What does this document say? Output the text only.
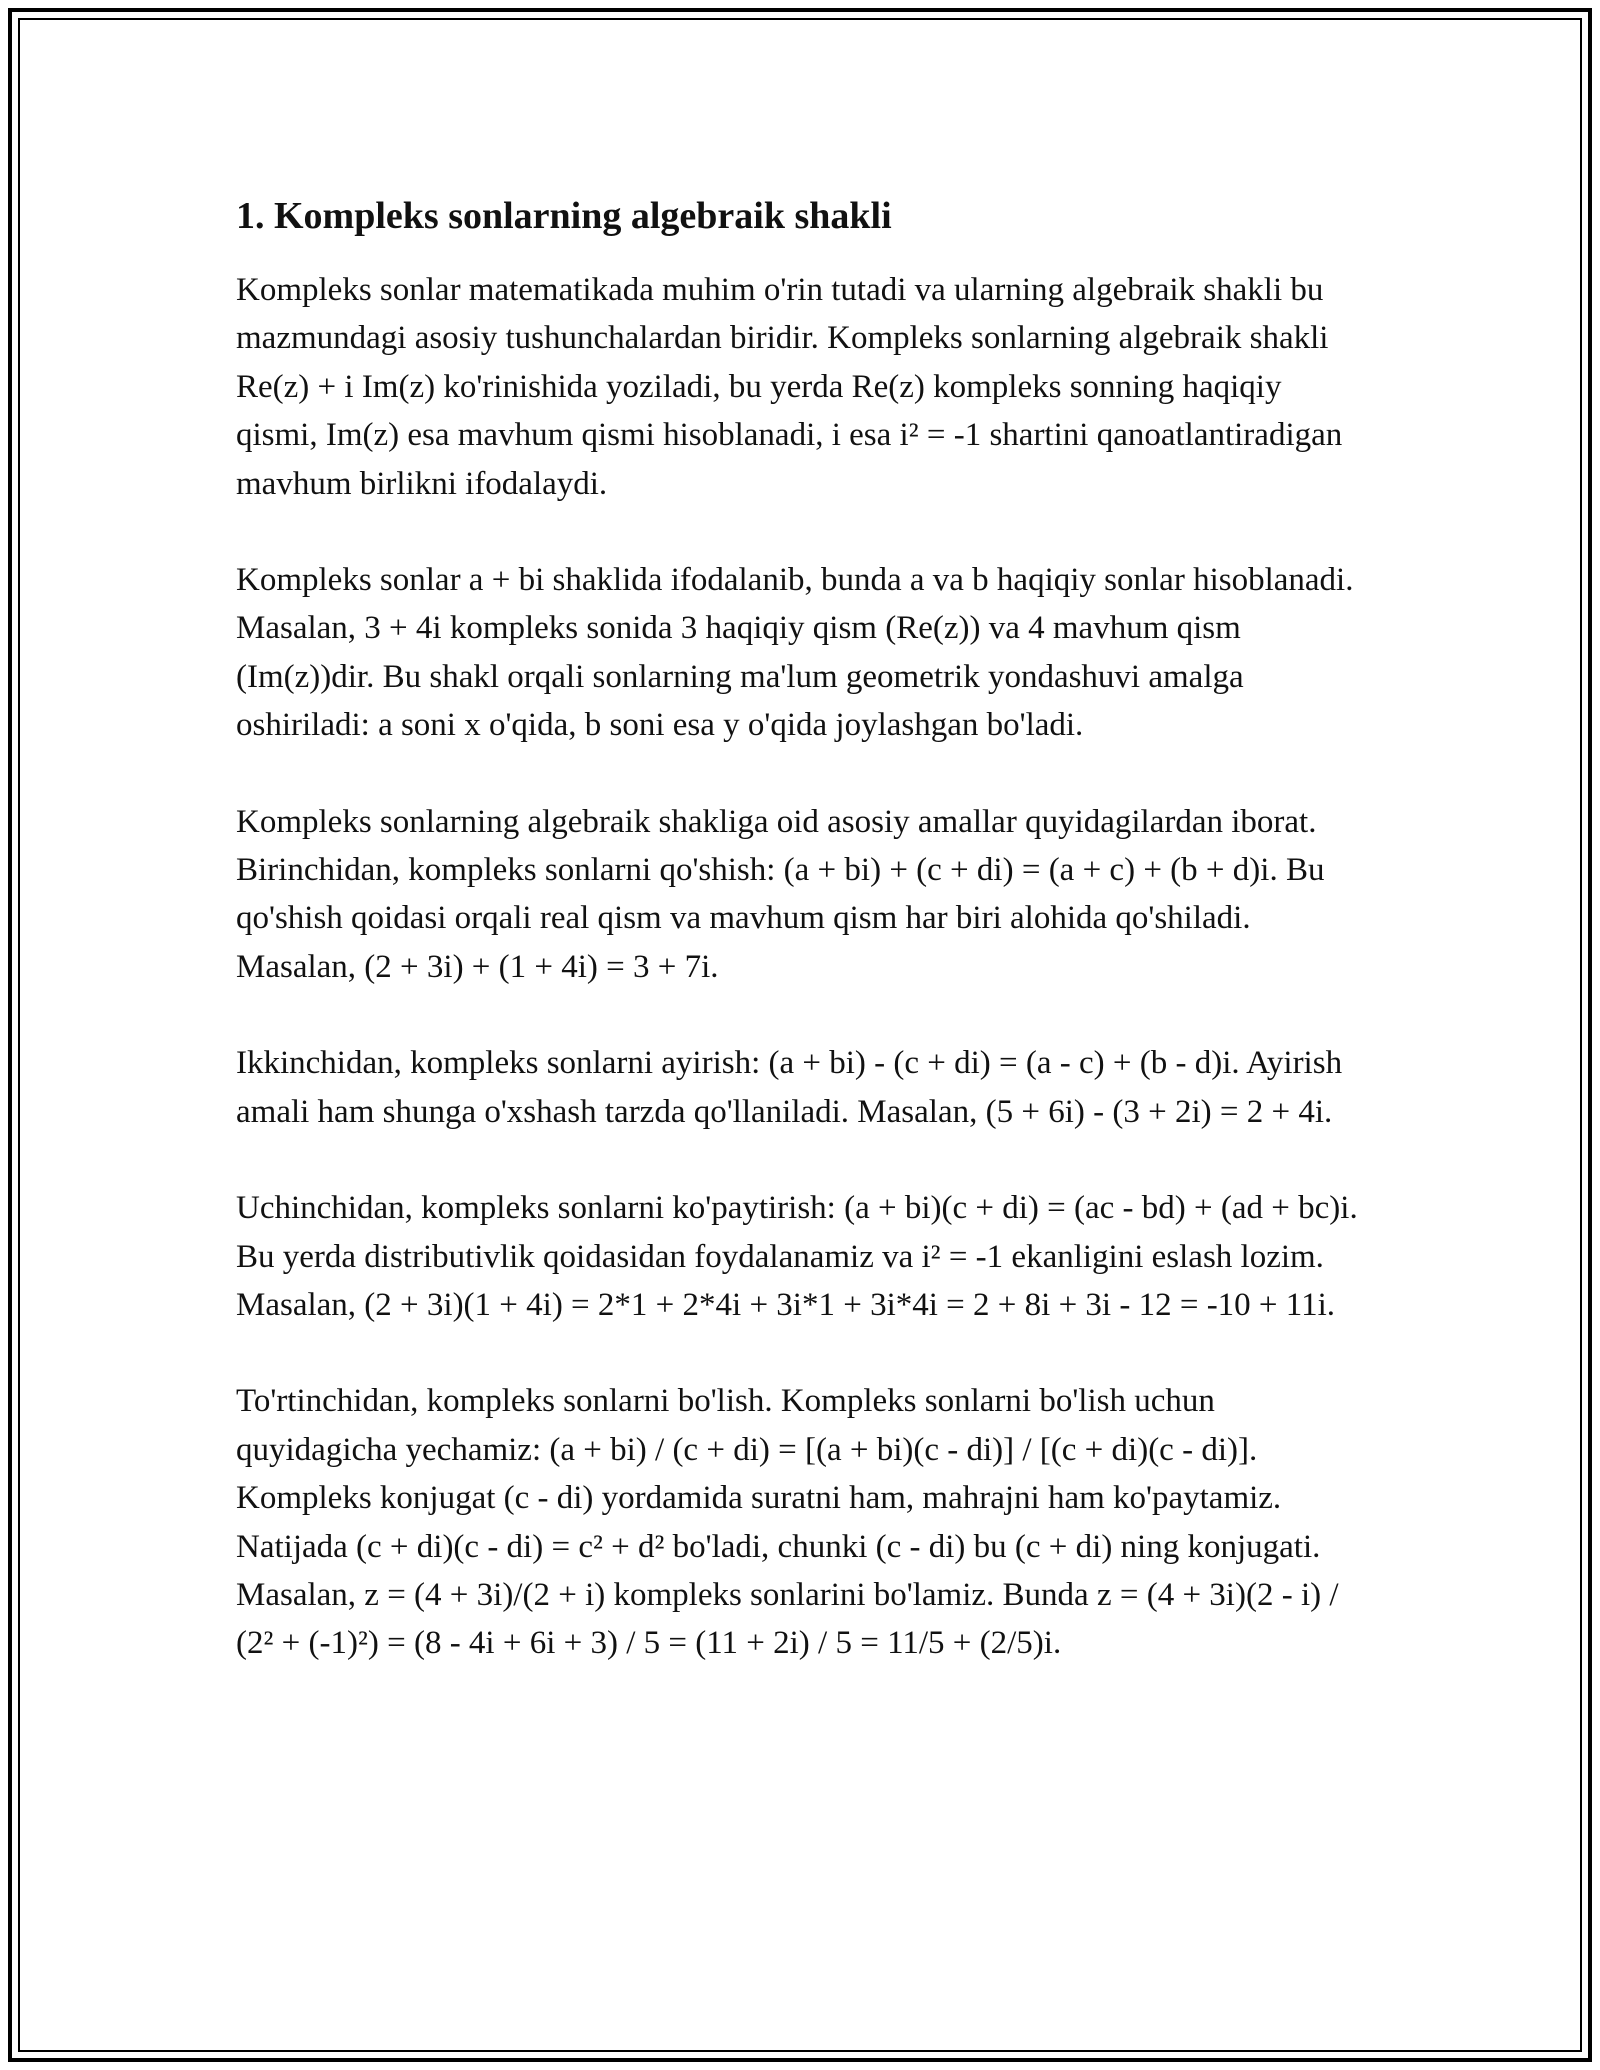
1. Kompleks sonlarning algebraik shakli

Kompleks sonlar matematikada muhim o'rin tutadi va ularning algebraik shakli bu mazmundagi asosiy tushunchalardan biridir. Kompleks sonlarning algebraik shakli Re(z) + i Im(z) ko'rinishida yoziladi, bu yerda Re(z) kompleks sonning haqiqiy qismi, Im(z) esa mavhum qismi hisoblanadi, i esa i² = -1 shartini qanoatlantiradigan mavhum birlikni ifodalaydi.

Kompleks sonlar a + bi shaklida ifodalanib, bunda a va b haqiqiy sonlar hisoblanadi. Masalan, 3 + 4i kompleks sonida 3 haqiqiy qism (Re(z)) va 4 mavhum qism (Im(z))dir. Bu shakl orqali sonlarning ma'lum geometrik yondashuvi amalga oshiriladi: a soni x o'qida, b soni esa y o'qida joylashgan bo'ladi.

Kompleks sonlarning algebraik shakliga oid asosiy amallar quyidagilardan iborat. Birinchidan, kompleks sonlarni qo'shish: (a + bi) + (c + di) = (a + c) + (b + d)i. Bu qo'shish qoidasi orqali real qism va mavhum qism har biri alohida qo'shiladi. Masalan, (2 + 3i) + (1 + 4i) = 3 + 7i.

Ikkinchidan, kompleks sonlarni ayirish: (a + bi) - (c + di) = (a - c) + (b - d)i. Ayirish amali ham shunga o'xshash tarzda qo'llaniladi. Masalan, (5 + 6i) - (3 + 2i) = 2 + 4i.

Uchinchidan, kompleks sonlarni ko'paytirish: (a + bi)(c + di) = (ac - bd) + (ad + bc)i. Bu yerda distributivlik qoidasidan foydalanamiz va i² = -1 ekanligini eslash lozim. Masalan, (2 + 3i)(1 + 4i) = 2*1 + 2*4i + 3i*1 + 3i*4i = 2 + 8i + 3i - 12 = -10 + 11i.

To'rtinchidan, kompleks sonlarni bo'lish. Kompleks sonlarni bo'lish uchun quyidagicha yechamiz: (a + bi) / (c + di) = [(a + bi)(c - di)] / [(c + di)(c - di)]. Kompleks konjugat (c - di) yordamida suratni ham, mahrajni ham ko'paytamiz. Natijada (c + di)(c - di) = c² + d² bo'ladi, chunki (c - di) bu (c + di) ning konjugati. Masalan, z = (4 + 3i)/(2 + i) kompleks sonlarini bo'lamiz. Bunda z = (4 + 3i)(2 - i) / (2² + (-1)²) = (8 - 4i + 6i + 3) / 5 = (11 + 2i) / 5 = 11/5 + (2/5)i.
